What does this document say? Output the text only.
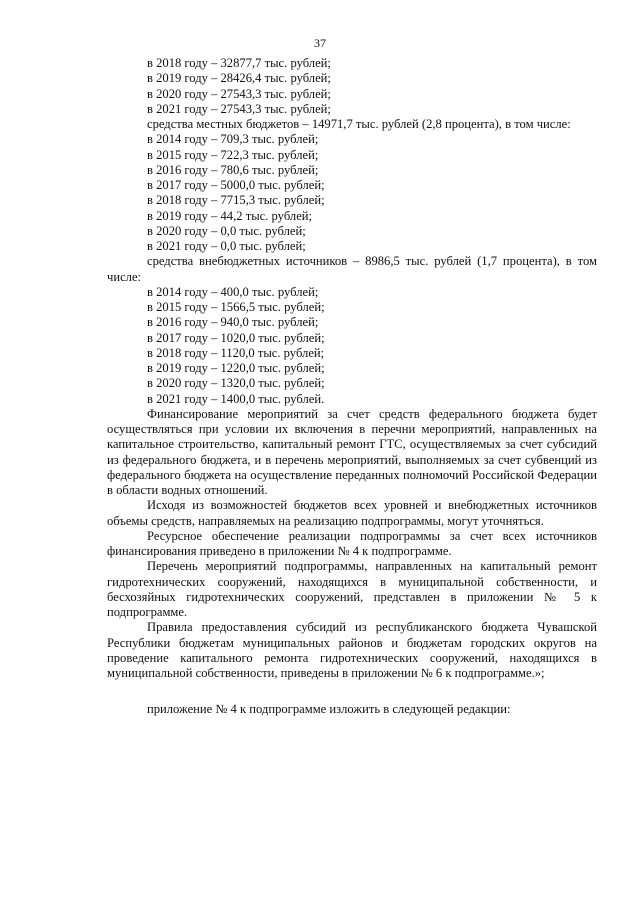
37
в 2018 году – 32877,7 тыс. рублей;
в 2019 году – 28426,4 тыс. рублей;
в 2020 году – 27543,3 тыс. рублей;
в 2021 году – 27543,3 тыс. рублей;
средства местных бюджетов – 14971,7 тыс. рублей (2,8 процента), в том числе:
в 2014 году – 709,3 тыс. рублей;
в 2015 году – 722,3 тыс. рублей;
в 2016 году – 780,6 тыс. рублей;
в 2017 году – 5000,0 тыс. рублей;
в 2018 году – 7715,3 тыс. рублей;
в 2019 году – 44,2 тыс. рублей;
в 2020 году – 0,0 тыс. рублей;
в 2021 году – 0,0 тыс. рублей;
средства внебюджетных источников – 8986,5 тыс. рублей (1,7 процента), в том числе:
в 2014 году – 400,0 тыс. рублей;
в 2015 году – 1566,5 тыс. рублей;
в 2016 году – 940,0 тыс. рублей;
в 2017 году – 1020,0 тыс. рублей;
в 2018 году – 1120,0 тыс. рублей;
в 2019 году – 1220,0 тыс. рублей;
в 2020 году – 1320,0 тыс. рублей;
в 2021 году – 1400,0 тыс. рублей.
Финансирование мероприятий за счет средств федерального бюджета будет осуществляться при условии их включения в перечни мероприятий, направленных на капитальное строительство, капитальный ремонт ГТС, осуществляемых за счет субсидий из федерального бюджета, и в перечень мероприятий, выполняемых за счет субвенций из федерального бюджета на осуществление переданных полномочий Российской Федерации в области водных отношений.
Исходя из возможностей бюджетов всех уровней и внебюджетных источников объемы средств, направляемых на реализацию подпрограммы, могут уточняться.
Ресурсное обеспечение реализации подпрограммы за счет всех источников финансирования приведено в приложении № 4 к подпрограмме.
Перечень мероприятий подпрограммы, направленных на капитальный ремонт гидротехнических сооружений, находящихся в муниципальной собственности, и бесхозяйных гидротехнических сооружений, представлен в приложении № 5 к подпрограмме.
Правила предоставления субсидий из республиканского бюджета Чувашской Республики бюджетам муниципальных районов и бюджетам городских округов на проведение капитального ремонта гидротехнических сооружений, находящихся в муниципальной собственности, приведены в приложении № 6 к подпрограмме.»;
приложение № 4 к подпрограмме изложить в следующей редакции:
